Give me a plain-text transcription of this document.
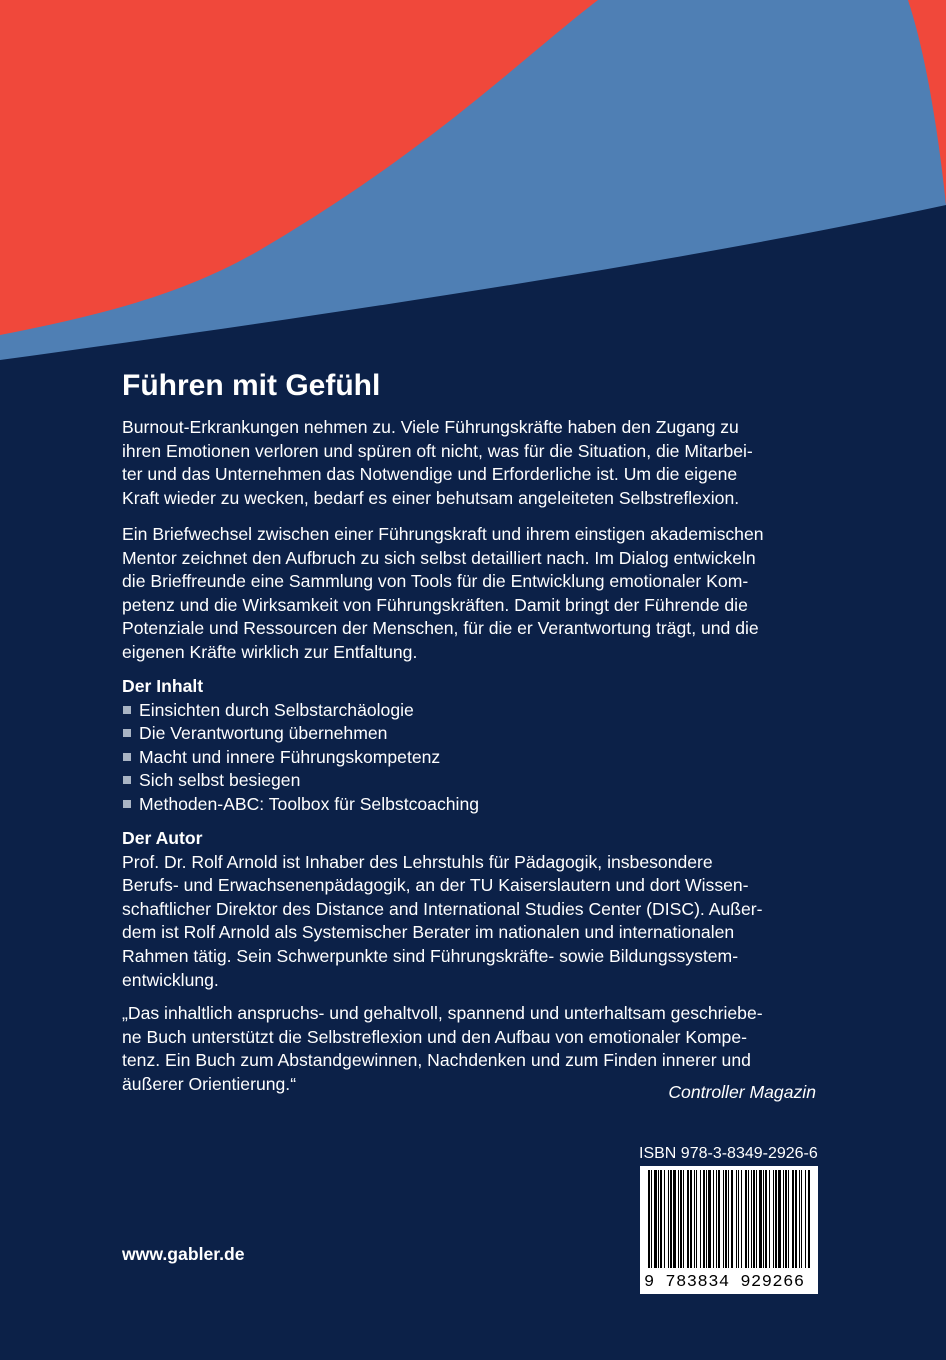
Führen mit Gefühl

Burnout-Erkrankungen nehmen zu. Viele Führungskräfte haben den Zugang zu
ihren Emotionen verloren und spüren oft nicht, was für die Situation, die Mitarbei-
ter und das Unternehmen das Notwendige und Erforderliche ist. Um die eigene
Kraft wieder zu wecken, bedarf es einer behutsam angeleiteten Selbstreflexion.

Ein Briefwechsel zwischen einer Führungskraft und ihrem einstigen akademischen
Mentor zeichnet den Aufbruch zu sich selbst detailliert nach. Im Dialog entwickeln
die Brieffreunde eine Sammlung von Tools für die Entwicklung emotionaler Kom-
petenz und die Wirksamkeit von Führungskräften. Damit bringt der Führende die
Potenziale und Ressourcen der Menschen, für die er Verantwortung trägt, und die
eigenen Kräfte wirklich zur Entfaltung.

Der Inhalt
Einsichten durch Selbstarchäologie
Die Verantwortung übernehmen
Macht und innere Führungskompetenz
Sich selbst besiegen
Methoden-ABC: Toolbox für Selbstcoaching
Der Autor

Prof. Dr. Rolf Arnold ist Inhaber des Lehrstuhls für Pädagogik, insbesondere
Berufs- und Erwachsenenpädagogik, an der TU Kaiserslautern und dort Wissen-
schaftlicher Direktor des Distance and International Studies Center (DISC). Außer-
dem ist Rolf Arnold als Systemischer Berater im nationalen und internationalen
Rahmen tätig. Sein Schwerpunkte sind Führungskräfte- sowie Bildungssystem-
entwicklung.

„Das inhaltlich anspruchs- und gehaltvoll, spannend und unterhaltsam geschriebe-
ne Buch unterstützt die Selbstreflexion und den Aufbau von emotionaler Kompe-
tenz. Ein Buch zum Abstandgewinnen, Nachdenken und zum Finden innerer und
äußerer Orientierung.“	Controller Magazin
www.gabler.de
ISBN 978-3-8349-2926-6
9 783834 929266
